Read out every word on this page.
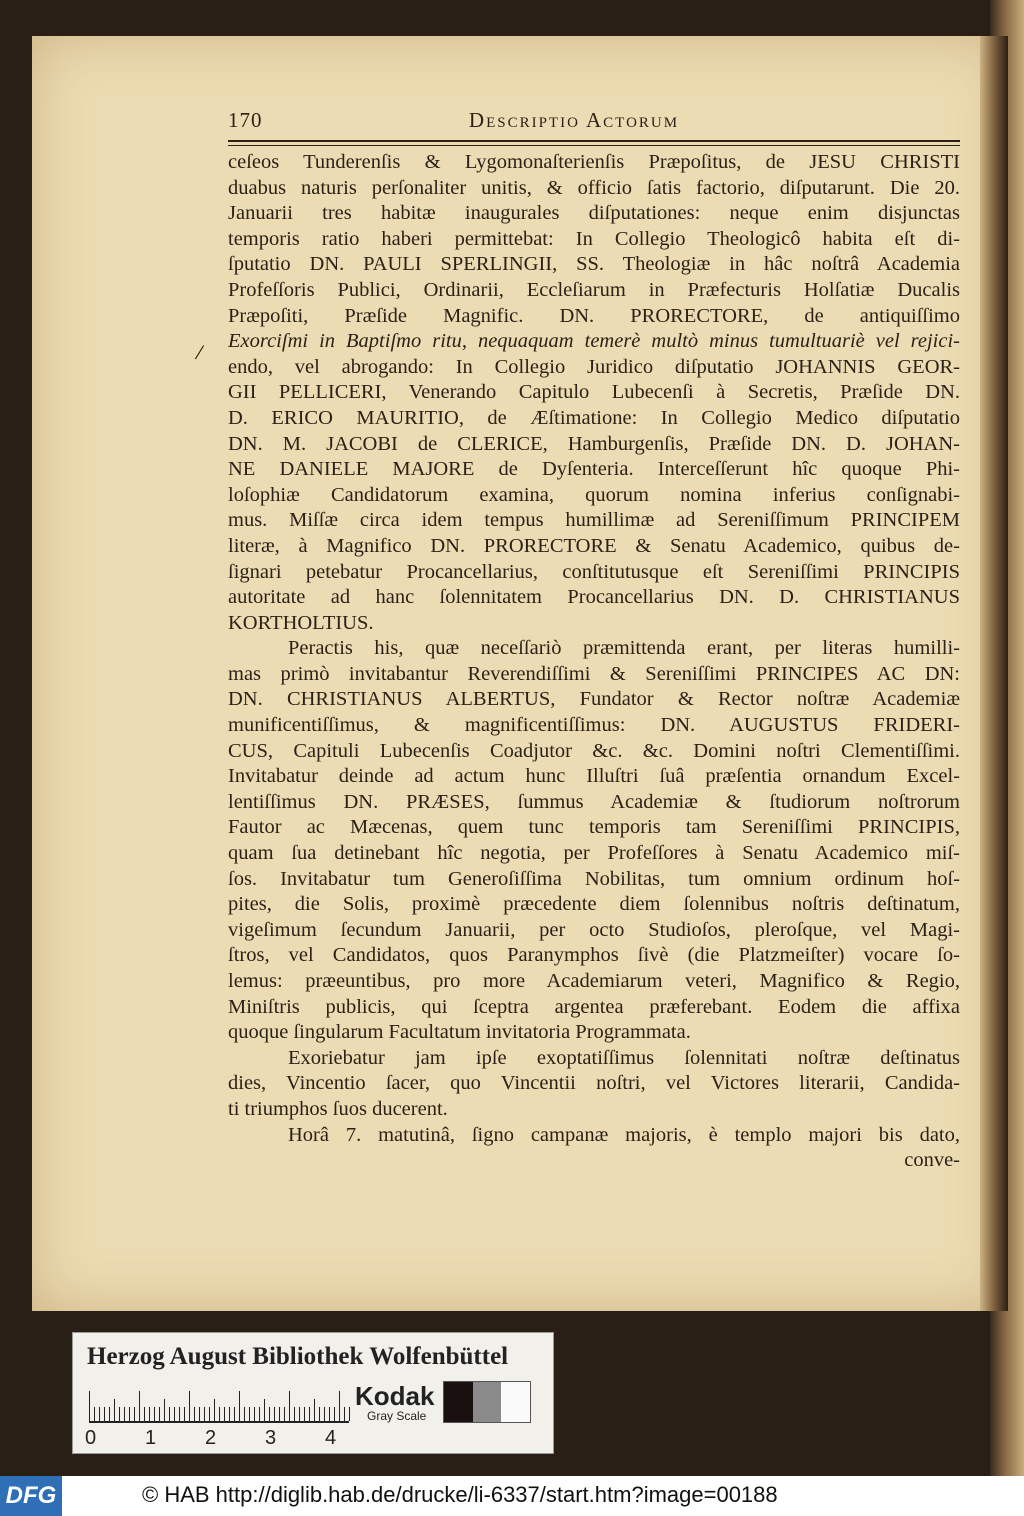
⁄
170	Descriptio Actorum
ceſeos Tunderenſis & Lygomonaſterienſis Præpoſitus, de JESU CHRISTI
duabus naturis perſonaliter unitis, & officio ſatis factorio, diſputarunt. Die 20.
Januarii tres habitæ inaugurales diſputationes: neque enim disjunctas
temporis ratio haberi permittebat: In Collegio Theologicô habita eſt di-
ſputatio DN. PAULI SPERLINGII, SS. Theologiæ in hâc noſtrâ Academia
Profeſſoris Publici, Ordinarii, Eccleſiarum in Præfecturis Holſatiæ Ducalis
Præpoſiti, Præſide Magnific. DN. PRORECTORE, de antiquiſſimo
Exorciſmi in Baptiſmo ritu, nequaquam temerè multò minus tumultuariè vel rejici-
endo, vel abrogando: In Collegio Juridico diſputatio JOHANNIS GEOR-
GII PELLICERI, Venerando Capitulo Lubecenſi à Secretis, Præſide DN.
D. ERICO MAURITIO, de Æſtimatione: In Collegio Medico diſputatio
DN. M. JACOBI de CLERICE, Hamburgenſis, Præſide DN. D. JOHAN-
NE DANIELE MAJORE de Dyſenteria. Interceſſerunt hîc quoque Phi-
loſophiæ Candidatorum examina, quorum nomina inferius conſignabi-
mus. Miſſæ circa idem tempus humillimæ ad Sereniſſimum PRINCIPEM
literæ, à Magnifico DN. PRORECTORE & Senatu Academico, quibus de-
ſignari petebatur Procancellarius, conſtitutusque eſt Sereniſſimi PRINCIPIS
autoritate ad hanc ſolennitatem Procancellarius DN. D. CHRISTIANUS
KORTHOLTIUS.
Peractis his, quæ neceſſariò præmittenda erant, per literas humilli-
mas primò invitabantur Reverendiſſimi & Sereniſſimi PRINCIPES AC DN:
DN. CHRISTIANUS ALBERTUS, Fundator & Rector noſtræ Academiæ
munificentiſſimus, & magnificentiſſimus: DN. AUGUSTUS FRIDERI-
CUS, Capituli Lubecenſis Coadjutor &c. &c. Domini noſtri Clementiſſimi.
Invitabatur deinde ad actum hunc Illuſtri ſuâ præſentia ornandum Excel-
lentiſſimus DN. PRÆSES, ſummus Academiæ & ſtudiorum noſtrorum
Fautor ac Mæcenas, quem tunc temporis tam Sereniſſimi PRINCIPIS,
quam ſua detinebant hîc negotia, per Profeſſores à Senatu Academico miſ-
ſos. Invitabatur tum Generoſiſſima Nobilitas, tum omnium ordinum hoſ-
pites, die Solis, proximè præcedente diem ſolennibus noſtris deſtinatum,
vigeſimum ſecundum Januarii, per octo Studioſos, pleroſque, vel Magi-
ſtros, vel Candidatos, quos Paranymphos ſivè (die Platzmeiſter) vocare ſo-
lemus: præeuntibus, pro more Academiarum veteri, Magnifico & Regio,
Miniſtris publicis, qui ſceptra argentea præferebant. Eodem die affixa
quoque ſingularum Facultatum invitatoria Programmata.
Exoriebatur jam ipſe exoptatiſſimus ſolennitati noſtræ deſtinatus
dies, Vincentio ſacer, quo Vincentii noſtri, vel Victores literarii, Candida-
ti triumphos ſuos ducerent.
Horâ 7. matutinâ, ſigno campanæ majoris, è templo majori bis dato,
conve-
Herzog August Bibliothek Wolfenbüttel
0 1 2 3 4
Kodak
Gray Scale
DFG	© HAB http://diglib.hab.de/drucke/li-6337/start.htm?image=00188
